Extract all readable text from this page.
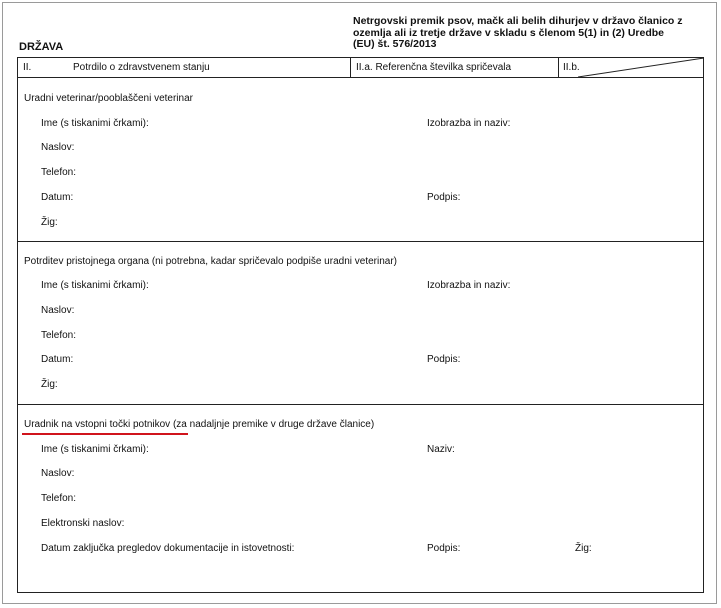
DRŽAVA
Netrgovski premik psov, mačk ali belih dihurjev v državo članico z
ozemlja ali iz tretje države v skladu s členom 5(1) in (2) Uredbe
(EU) št. 576/2013
II.	Potrdilo o zdravstvenem stanju	II.a. Referenčna številka spričevala	II.b.
Uradni veterinar/pooblaščeni veterinar
Ime (s tiskanimi črkami):	Izobrazba in naziv:
Naslov:
Telefon:
Datum:	Podpis:
Žig:
Potrditev pristojnega organa (ni potrebna, kadar spričevalo podpiše uradni veterinar)
Ime (s tiskanimi črkami):	Izobrazba in naziv:
Naslov:
Telefon:
Datum:	Podpis:
Žig:
Uradnik na vstopni točki potnikov (za nadaljnje premike v druge države članice)
Ime (s tiskanimi črkami):	Naziv:
Naslov:
Telefon:
Elektronski naslov:
Datum zaključka pregledov dokumentacije in istovetnosti:	Podpis:	Žig:
